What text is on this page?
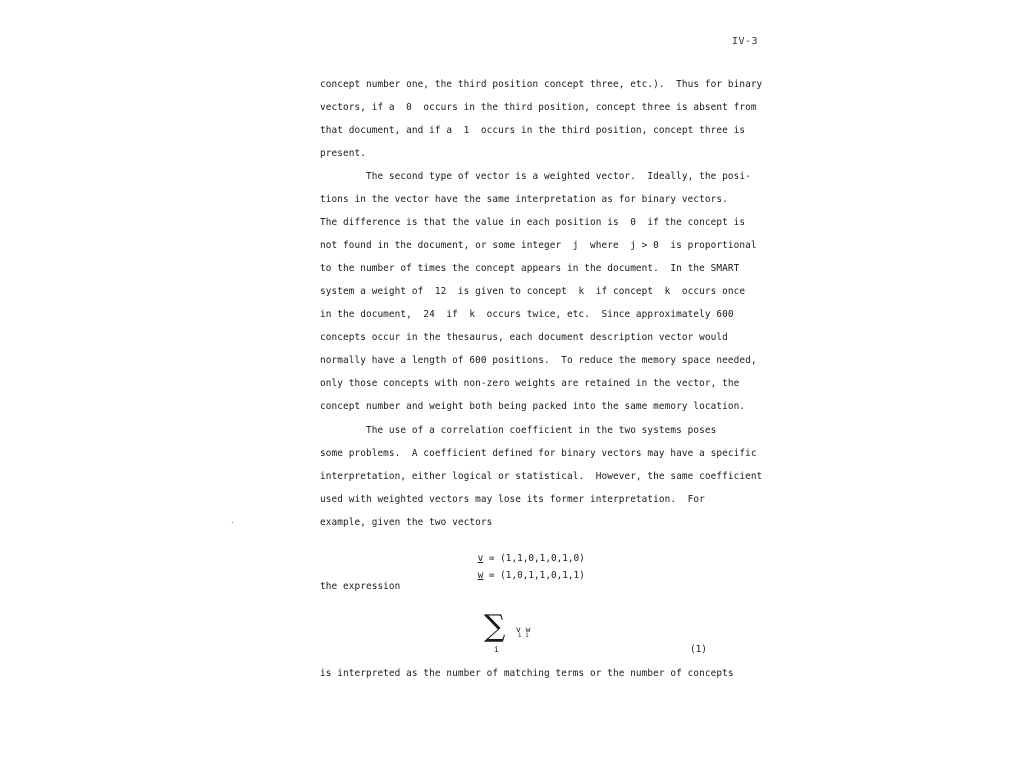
IV-3
′
concept number one, the third position concept three, etc.).  Thus for binary
vectors, if a  0  occurs in the third position, concept three is absent from
that document, and if a  1  occurs in the third position, concept three is
present.
The second type of vector is a weighted vector.  Ideally, the posi-
tions in the vector have the same interpretation as for binary vectors.
The difference is that the value in each position is  0  if the concept is
not found in the document, or some integer  j  where  j > 0  is proportional
to the number of times the concept appears in the document.  In the SMART
system a weight of  12  is given to concept  k  if concept  k  occurs once
in the document,  24  if  k  occurs twice, etc.  Since approximately 600
concepts occur in the thesaurus, each document description vector would
normally have a length of 600 positions.  To reduce the memory space needed,
only those concepts with non-zero weights are retained in the vector, the
concept number and weight both being packed into the same memory location.
The use of a correlation coefficient in the two systems poses
some problems.  A coefficient defined for binary vectors may have a specific
interpretation, either logical or statistical.  However, the same coefficient
used with weighted vectors may lose its former interpretation.  For
example, given the two vectors

v = (1,1,0,1,0,1,0)

w = (1,0,1,1,0,1,1)

the expression
∑ v w
i i
i	(1)
is interpreted as the number of matching terms or the number of concepts
